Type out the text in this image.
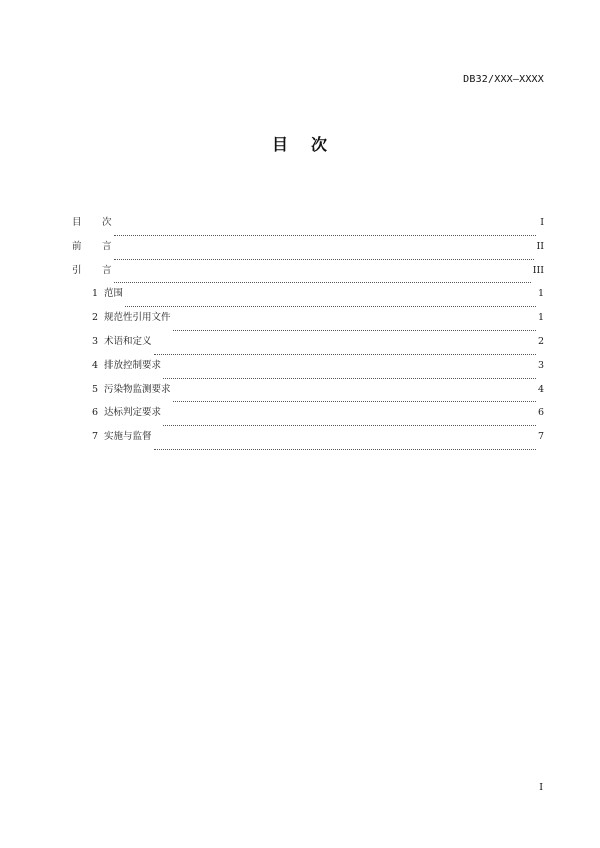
DB32/XXX—XXXX
目 次
目	次	I
前	言	II
引	言	III
1 范围	1
2 规范性引用文件	1
3 术语和定义	2
4 排放控制要求	3
5 污染物监测要求	4
6 达标判定要求	6
7 实施与监督	7
I
